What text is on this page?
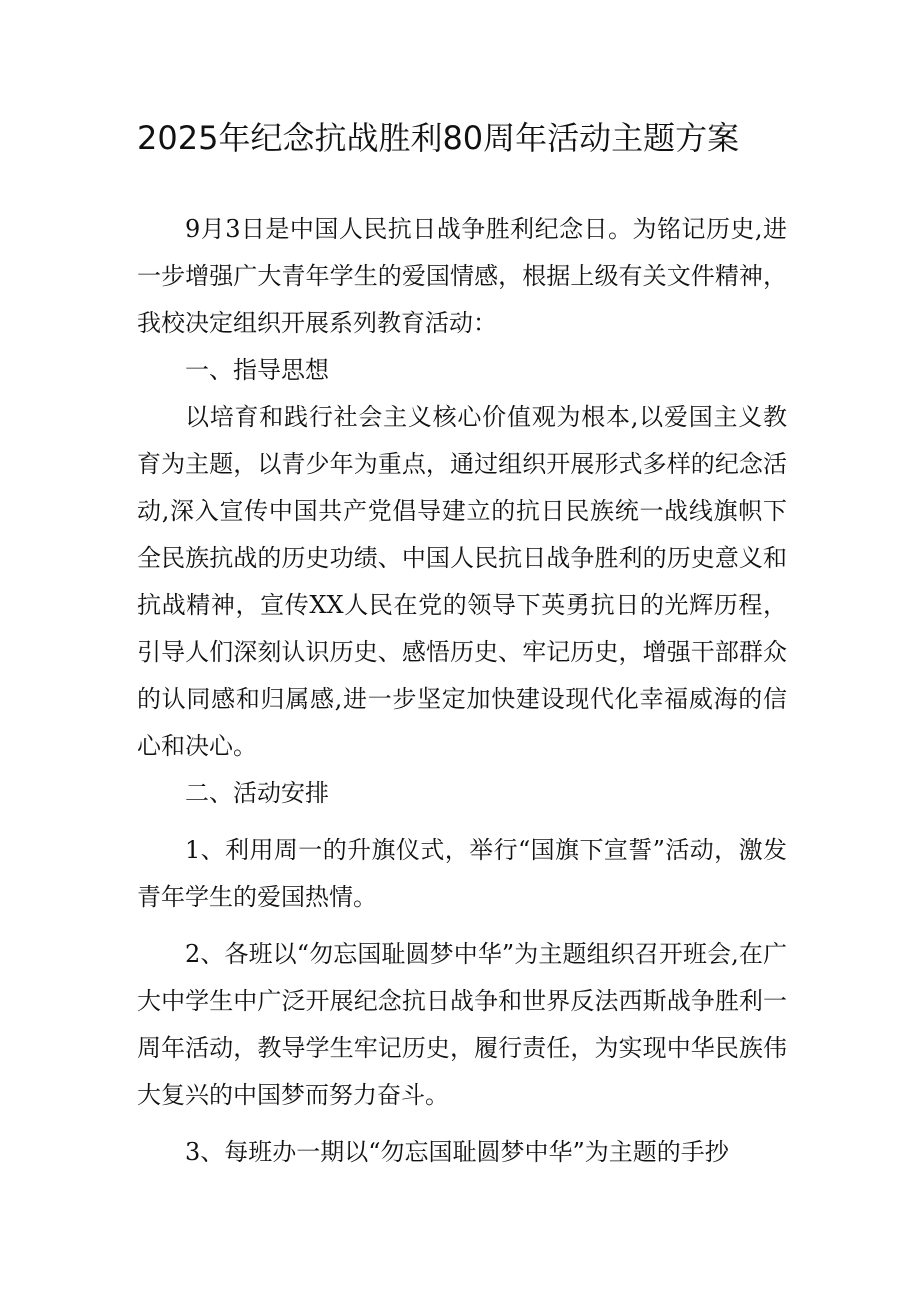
2025年纪念抗战胜利80周年活动主题方案

9月3日是中国人民抗日战争胜利纪念日。为铭记历史,进一步增强广大青年学生的爱国情感，根据上级有关文件精神，我校决定组织开展系列教育活动：

一、指导思想

以培育和践行社会主义核心价值观为根本,以爱国主义教育为主题，以青少年为重点，通过组织开展形式多样的纪念活动,深入宣传中国共产党倡导建立的抗日民族统一战线旗帜下全民族抗战的历史功绩、中国人民抗日战争胜利的历史意义和抗战精神，宣传XX人民在党的领导下英勇抗日的光辉历程，引导人们深刻认识历史、感悟历史、牢记历史，增强干部群众的认同感和归属感,进一步坚定加快建设现代化幸福威海的信心和决心。

二、活动安排

1、利用周一的升旗仪式，举行“国旗下宣誓”活动，激发青年学生的爱国热情。

2、各班以“勿忘国耻圆梦中华”为主题组织召开班会,在广大中学生中广泛开展纪念抗日战争和世界反法西斯战争胜利一周年活动，教导学生牢记历史，履行责任，为实现中华民族伟大复兴的中国梦而努力奋斗。

3、每班办一期以“勿忘国耻圆梦中华”为主题的手抄
